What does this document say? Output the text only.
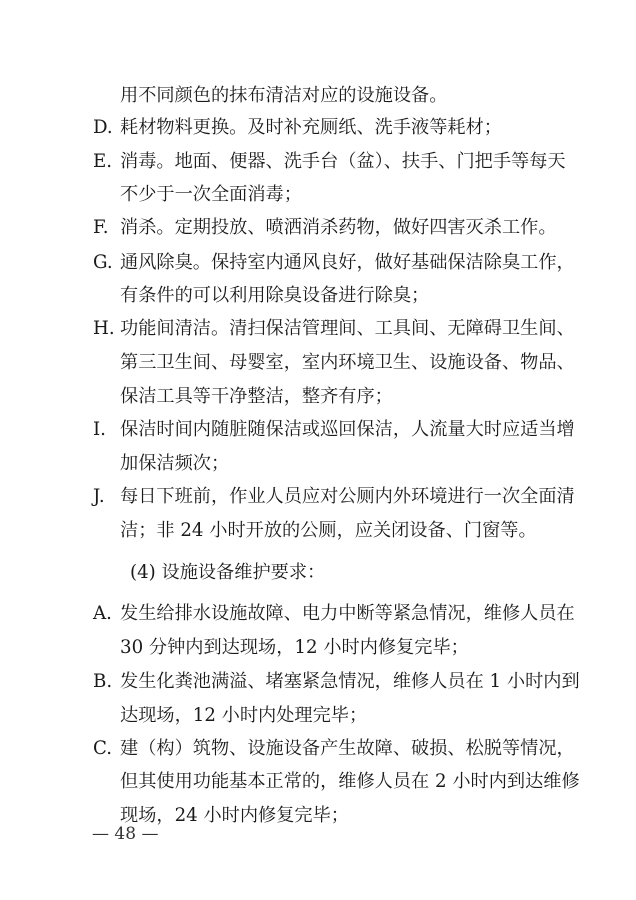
用不同颜色的抹布清洁对应的设施设备。
D. 耗材物料更换。及时补充厕纸、洗手液等耗材；
E. 消毒。地面、便器、洗手台（盆）、扶手、门把手等每天
不少于一次全面消毒；
F. 消杀。定期投放、喷洒消杀药物，做好四害灭杀工作。
G. 通风除臭。保持室内通风良好，做好基础保洁除臭工作，
有条件的可以利用除臭设备进行除臭；
H. 功能间清洁。清扫保洁管理间、工具间、无障碍卫生间、
第三卫生间、母婴室，室内环境卫生、设施设备、物品、
保洁工具等干净整洁，整齐有序；
I. 保洁时间内随脏随保洁或巡回保洁，人流量大时应适当增
加保洁频次；
J. 每日下班前，作业人员应对公厕内外环境进行一次全面清
洁；非 24 小时开放的公厕，应关闭设备、门窗等。
(4) 设施设备维护要求：
A. 发生给排水设施故障、电力中断等紧急情况，维修人员在
30 分钟内到达现场，12 小时内修复完毕；
B. 发生化粪池满溢、堵塞紧急情况，维修人员在 1 小时内到
达现场，12 小时内处理完毕；
C. 建（构）筑物、设施设备产生故障、破损、松脱等情况，
但其使用功能基本正常的，维修人员在 2 小时内到达维修
现场，24 小时内修复完毕；
— 48 —
